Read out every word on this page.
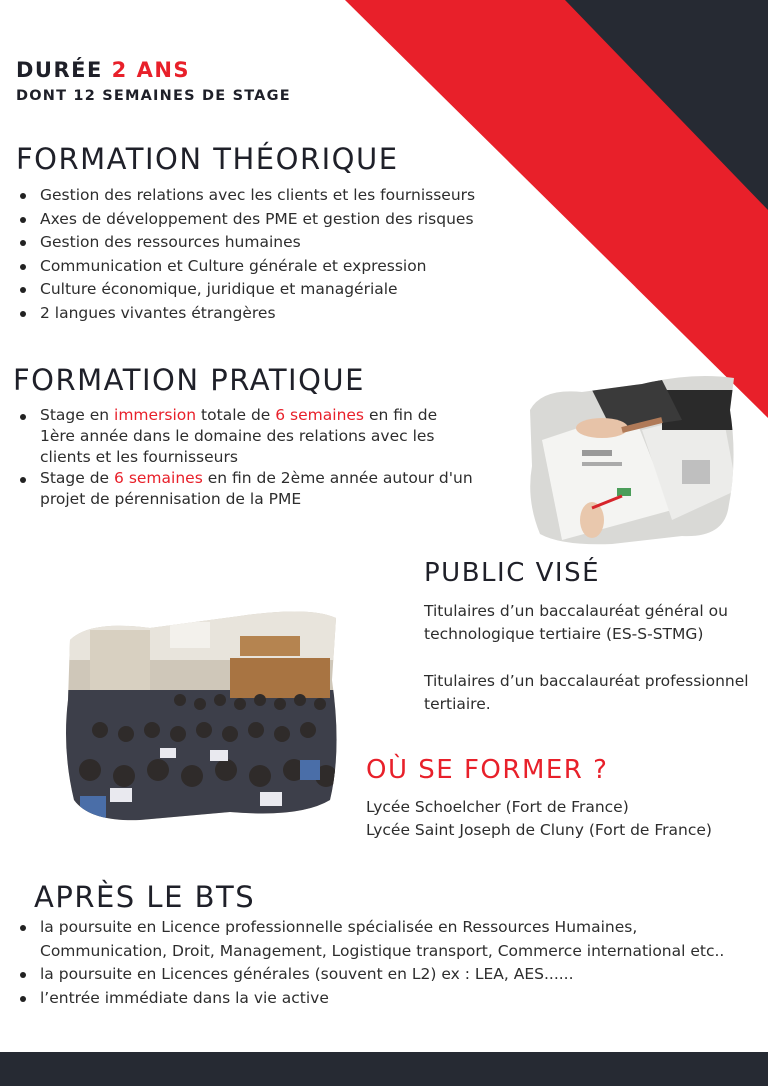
DURÉE 2 ANS
DONT 12 SEMAINES DE STAGE
FORMATION THÉORIQUE
Gestion des relations avec les clients et les fournisseurs
Axes de développement des PME et gestion des risques
Gestion des ressources humaines
Communication et Culture générale et expression
Culture économique, juridique et managériale
2 langues vivantes étrangères
FORMATION PRATIQUE
Stage en immersion totale de 6 semaines en fin de 1ère année dans le domaine des relations avec les clients et les fournisseurs
Stage de 6 semaines en fin de 2ème année autour d'un projet de pérennisation de la PME
PUBLIC VISÉ

Titulaires d’un baccalauréat général ou technologique tertiaire (ES-S-STMG)

Titulaires d’un baccalauréat professionnel tertiaire.

OÙ SE FORMER ?

Lycée Schoelcher (Fort de France)

Lycée Saint Joseph de Cluny (Fort de France)

APRÈS LE BTS
la poursuite en Licence professionnelle spécialisée en Ressources Humaines, Communication, Droit, Management, Logistique transport, Commerce international etc..
la poursuite en Licences générales (souvent en L2) ex : LEA, AES......
l’entrée immédiate dans la vie active
